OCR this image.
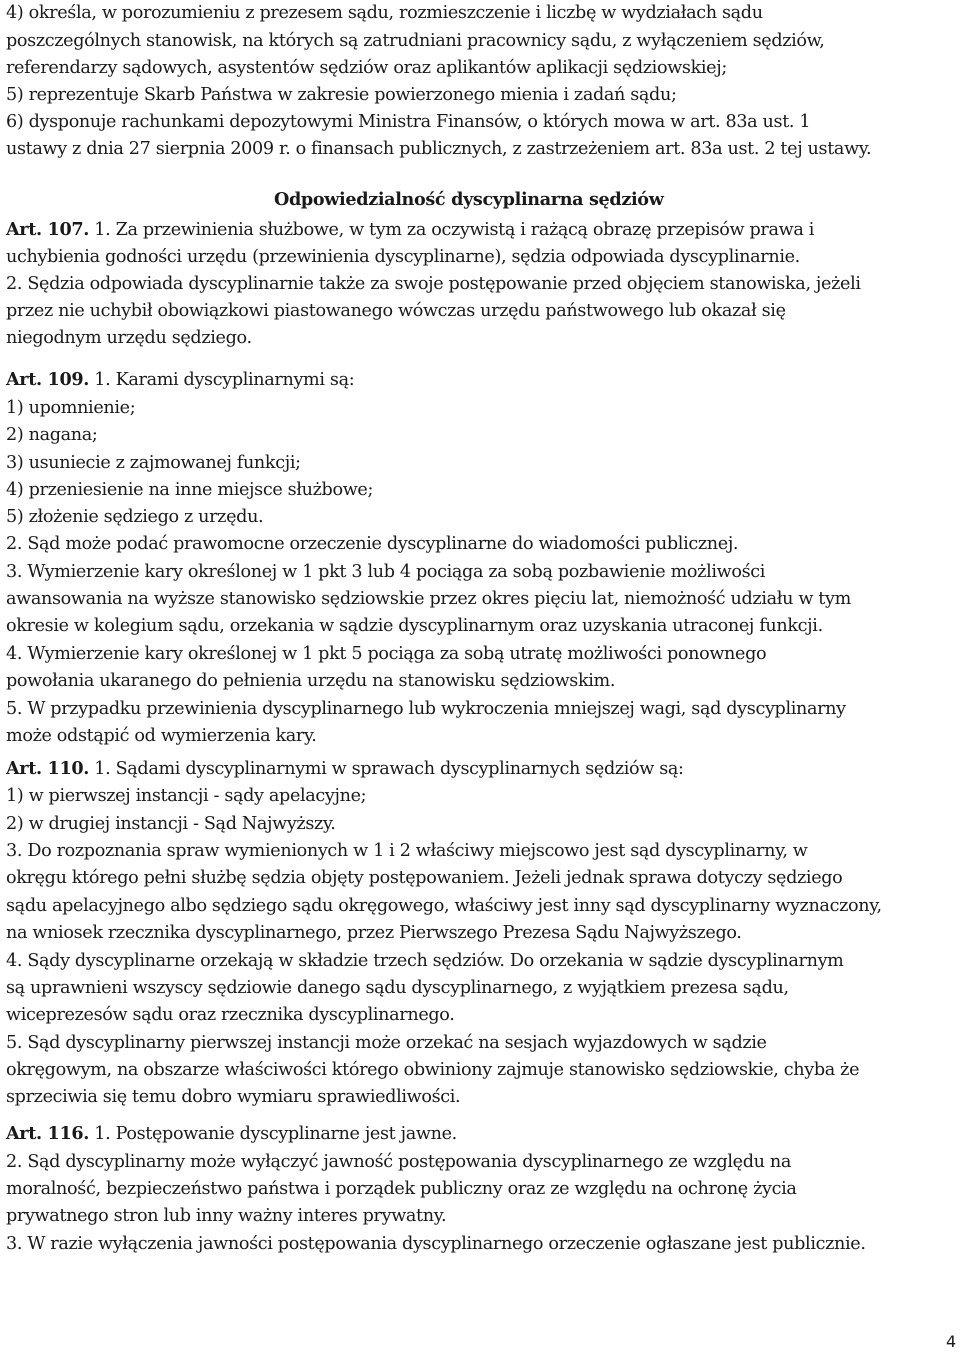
4) określa, w porozumieniu z prezesem sądu, rozmieszczenie i liczbę w wydziałach sądu
poszczególnych stanowisk, na których są zatrudniani pracownicy sądu, z wyłączeniem sędziów,
referendarzy sądowych, asystentów sędziów oraz aplikantów aplikacji sędziowskiej;
5) reprezentuje Skarb Państwa w zakresie powierzonego mienia i zadań sądu;
6) dysponuje rachunkami depozytowymi Ministra Finansów, o których mowa w art. 83a ust. 1
ustawy z dnia 27 sierpnia 2009 r. o finansach publicznych, z zastrzeżeniem art. 83a ust. 2 tej ustawy.
Odpowiedzialność dyscyplinarna sędziów
Art. 107. 1. Za przewinienia służbowe, w tym za oczywistą i rażącą obrazę przepisów prawa i
uchybienia godności urzędu (przewinienia dyscyplinarne), sędzia odpowiada dyscyplinarnie.
2. Sędzia odpowiada dyscyplinarnie także za swoje postępowanie przed objęciem stanowiska, jeżeli
przez nie uchybił obowiązkowi piastowanego wówczas urzędu państwowego lub okazał się
niegodnym urzędu sędziego.
Art. 109. 1. Karami dyscyplinarnymi są:
1) upomnienie;
2) nagana;
3) usuniecie z zajmowanej funkcji;
4) przeniesienie na inne miejsce służbowe;
5) złożenie sędziego z urzędu.
2. Sąd może podać prawomocne orzeczenie dyscyplinarne do wiadomości publicznej.
3. Wymierzenie kary określonej w 1 pkt 3 lub 4 pociąga za sobą pozbawienie możliwości
awansowania na wyższe stanowisko sędziowskie przez okres pięciu lat, niemożność udziału w tym
okresie w kolegium sądu, orzekania w sądzie dyscyplinarnym oraz uzyskania utraconej funkcji.
4. Wymierzenie kary określonej w 1 pkt 5 pociąga za sobą utratę możliwości ponownego
powołania ukaranego do pełnienia urzędu na stanowisku sędziowskim.
5. W przypadku przewinienia dyscyplinarnego lub wykroczenia mniejszej wagi, sąd dyscyplinarny
może odstąpić od wymierzenia kary.
Art. 110. 1. Sądami dyscyplinarnymi w sprawach dyscyplinarnych sędziów są:
1) w pierwszej instancji - sądy apelacyjne;
2) w drugiej instancji - Sąd Najwyższy.
3. Do rozpoznania spraw wymienionych w 1 i 2 właściwy miejscowo jest sąd dyscyplinarny, w
okręgu którego pełni służbę sędzia objęty postępowaniem. Jeżeli jednak sprawa dotyczy sędziego
sądu apelacyjnego albo sędziego sądu okręgowego, właściwy jest inny sąd dyscyplinarny wyznaczony,
na wniosek rzecznika dyscyplinarnego, przez Pierwszego Prezesa Sądu Najwyższego.
4. Sądy dyscyplinarne orzekają w składzie trzech sędziów. Do orzekania w sądzie dyscyplinarnym
są uprawnieni wszyscy sędziowie danego sądu dyscyplinarnego, z wyjątkiem prezesa sądu,
wiceprezesów sądu oraz rzecznika dyscyplinarnego.
5. Sąd dyscyplinarny pierwszej instancji może orzekać na sesjach wyjazdowych w sądzie
okręgowym, na obszarze właściwości którego obwiniony zajmuje stanowisko sędziowskie, chyba że
sprzeciwia się temu dobro wymiaru sprawiedliwości.
Art. 116. 1. Postępowanie dyscyplinarne jest jawne.
2. Sąd dyscyplinarny może wyłączyć jawność postępowania dyscyplinarnego ze względu na
moralność, bezpieczeństwo państwa i porządek publiczny oraz ze względu na ochronę życia
prywatnego stron lub inny ważny interes prywatny.
3. W razie wyłączenia jawności postępowania dyscyplinarnego orzeczenie ogłaszane jest publicznie.
4
